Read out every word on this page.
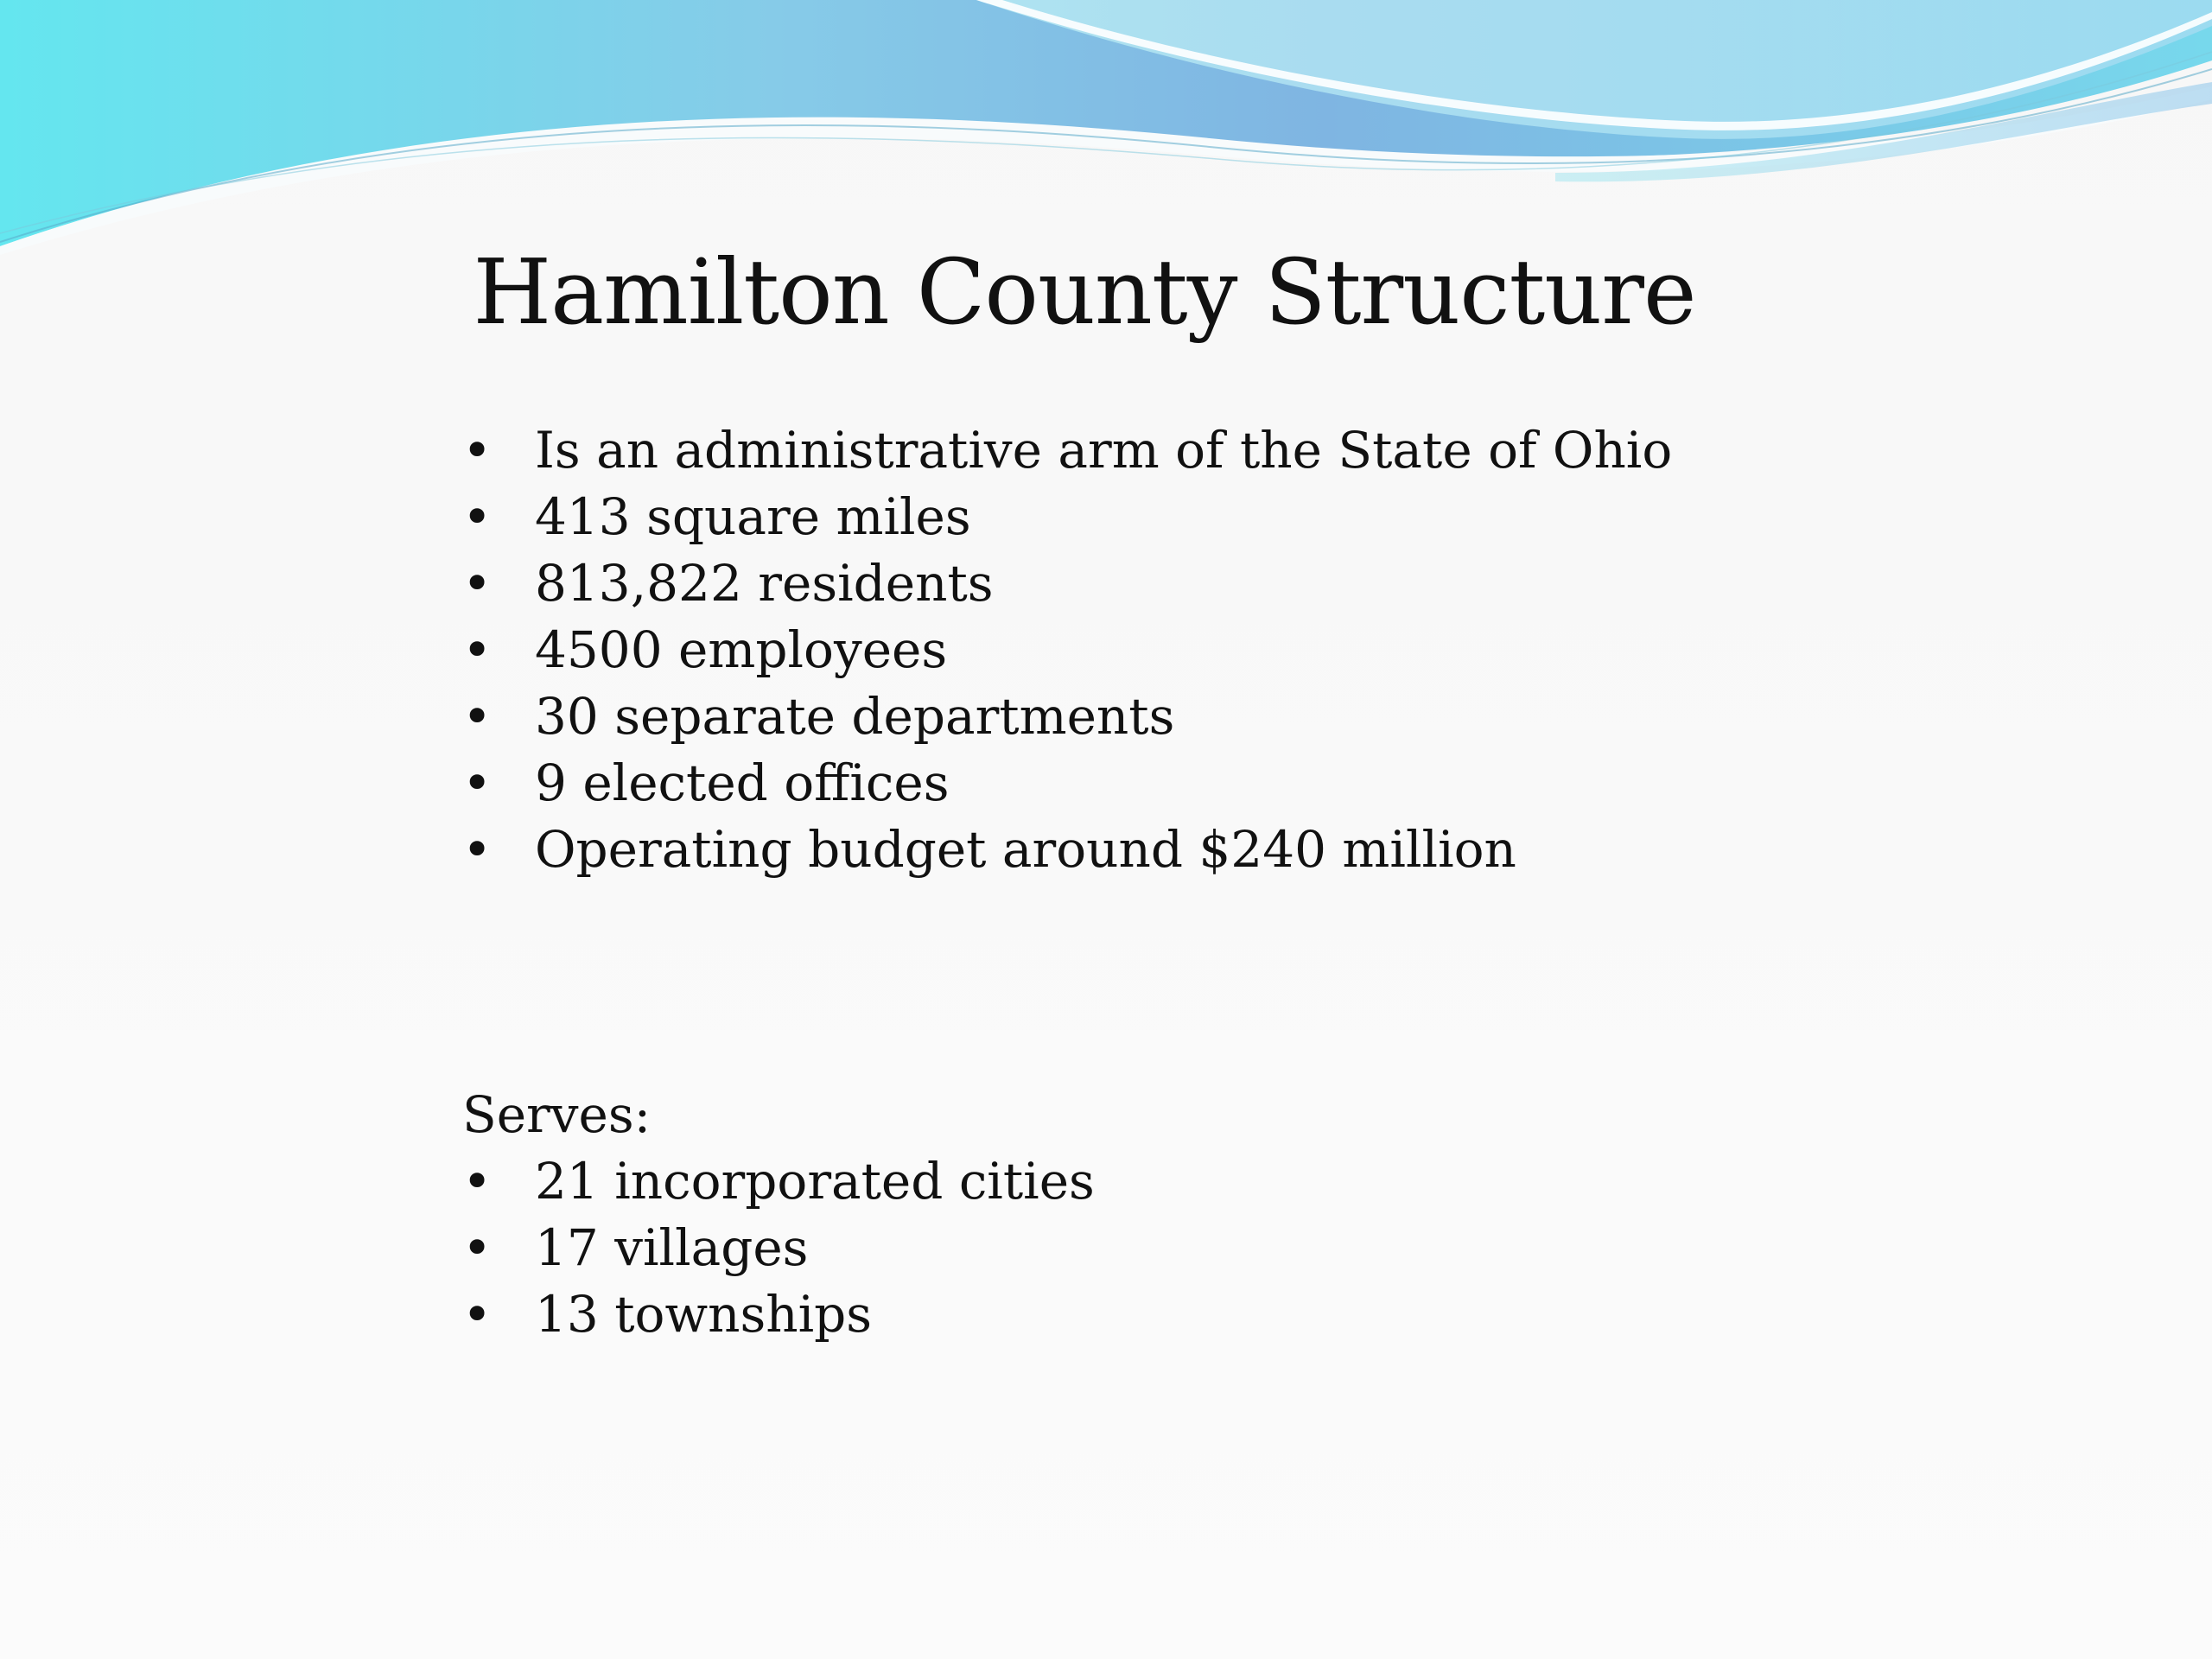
Hamilton County Structure
• Is an administrative arm of the State of Ohio
• 413 square miles
• 813,822 residents
• 4500 employees
• 30 separate departments
• 9 elected offices
• Operating budget around $240 million
Serves:
• 21 incorporated cities
• 17 villages
• 13 townships
